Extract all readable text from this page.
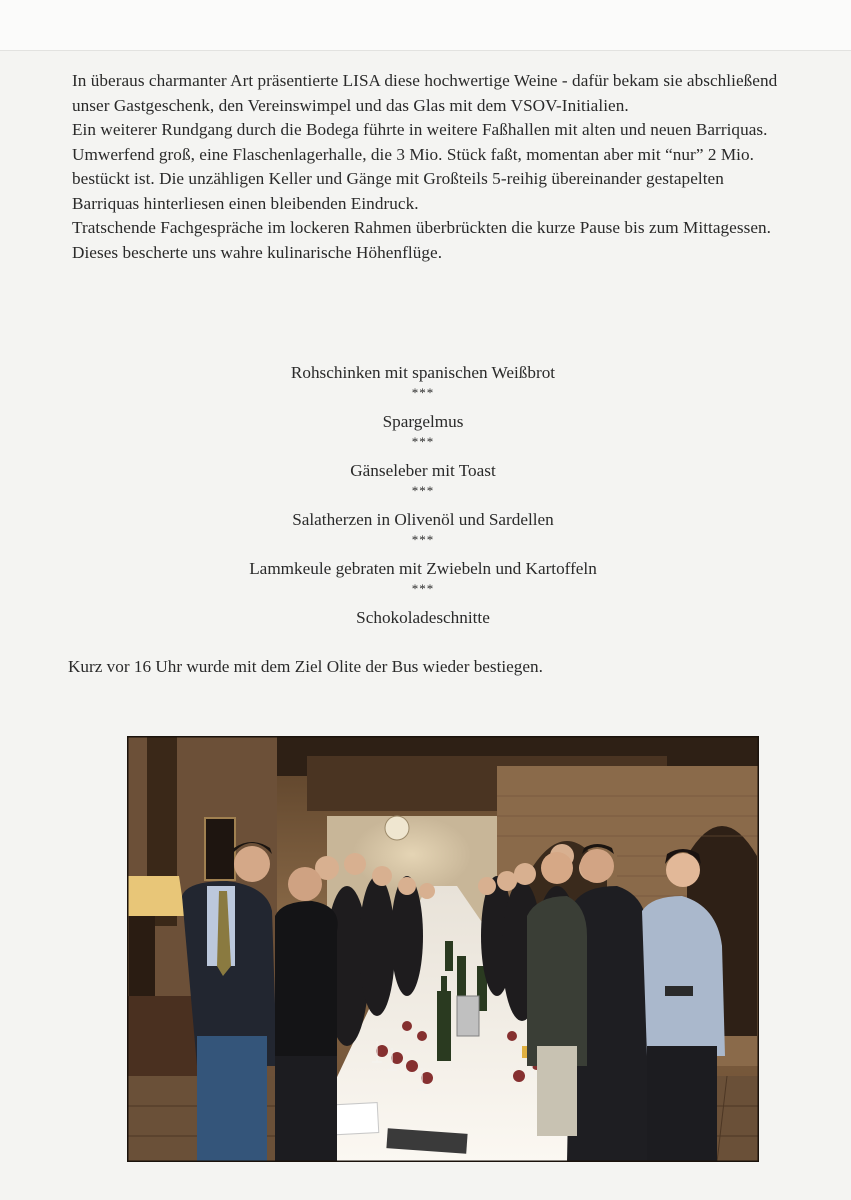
In überaus charmanter Art präsentierte LISA diese hochwertige Weine - dafür bekam sie abschließend unser Gastgeschenk, den Vereinswimpel und das Glas mit dem VSOV-Initialien.

Ein weiterer Rundgang durch die Bodega führte in weitere Faßhallen mit alten und neuen Barriquas. Umwerfend groß, eine Flaschenlagerhalle, die 3 Mio. Stück faßt, momentan aber mit “nur” 2 Mio. bestückt ist. Die unzähligen Keller und Gänge mit Großteils 5-reihig übereinander gestapelten Barriquas hinterliesen einen bleibenden Eindruck.

Tratschende Fachgespräche im lockeren Rahmen überbrückten die kurze Pause bis zum Mittagessen. Dieses bescherte uns wahre kulinarische Höhenflüge.

Rohschinken mit spanischen Weißbrot
***
Spargelmus
***
Gänseleber mit Toast
***
Salatherzen in Olivenöl und Sardellen
***
Lammkeule gebraten mit Zwiebeln und Kartoffeln
***
Schokoladeschnitte
Kurz vor 16 Uhr wurde mit dem Ziel Olite der Bus wieder bestiegen.
